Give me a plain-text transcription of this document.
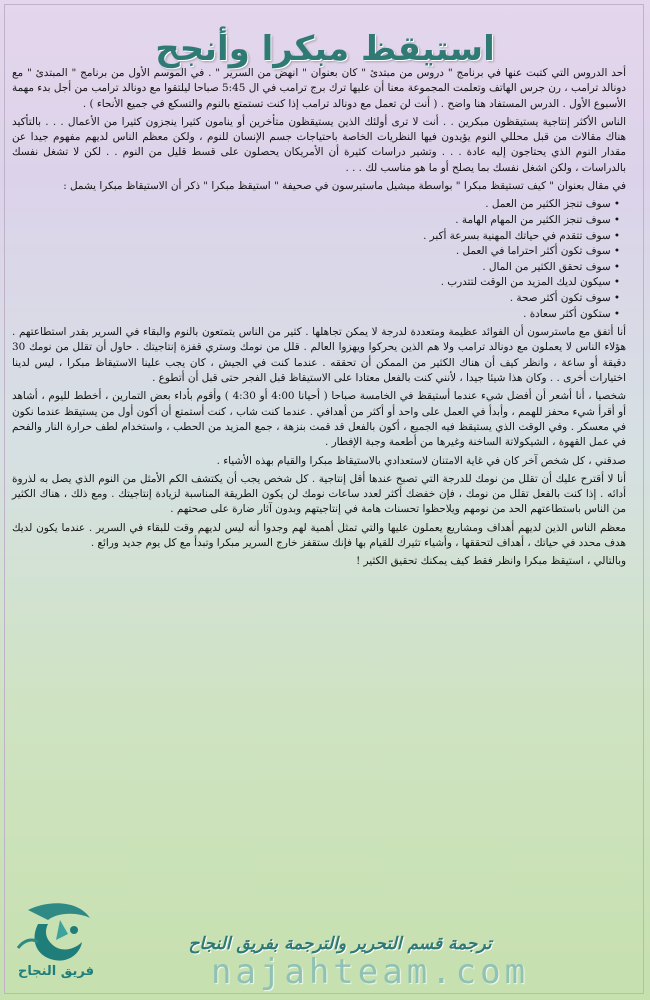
استيقظ مبكرا وأنجح

أحد الدروس التي كتبت عنها في برنامج " دروس من مبتدئ " كان بعنوان " انهض من السرير " . في الموسم الأول من برنامج " المبتدئ " مع دونالد ترامب ، رن جرس الهاتف وتعلمت المجموعة معنا أن عليها ترك برج ترامب في ال 5:45 صباحا ليلتقوا مع دونالد ترامب من أجل بدء مهمة الأسبوع الأول . الدرس المستفاد هنا واضح . ( أنت لن تعمل مع دونالد ترامب إذا كنت تستمتع بالنوم والتسكع في جميع الأنحاء ) .

الناس الأكثر إنتاجية يستيقظون مبكرين . . أنت لا ترى أولئك الذين يستيقظون متأخرين أو ينامون كثيرا ينجزون كثيرا من الأعمال . . . بالتأكيد هناك مقالات من قبل محللي النوم يؤيدون فيها النظريات الخاصة باحتياجات جسم الإنسان للنوم ، ولكن معظم الناس لديهم مفهوم جيدا عن مقدار النوم الذي يحتاجون إليه عادة . . . وتشير دراسات كثيرة أن الأمريكان يحصلون على قسط قليل من النوم . . لكن لا تشغل نفسك بالدراسات ، ولكن اشغل نفسك بما يصلح أو ما هو مناسب لك . . .

في مقال بعنوان " كيف تستيقظ مبكرا " بواسطة ميشيل ماستيرسون في صحيفة " استيقظ مبكرا " ذكر أن الاستيقاظ مبكرا يشمل :

• سوف تنجز الكثير من العمل .
• سوف تنجز الكثير من المهام الهامة .
• سوف تتقدم في حياتك المهنية بسرعة أكبر .
• سوف تكون أكثر احتراما في العمل .
• سوف تحقق الكثير من المال .
• سيكون لديك المزيد من الوقت لتتدرب .
• سوف تكون أكثر صحة .
• ستكون أكثر سعادة .

أنا أتفق مع ماسترسون أن الفوائد عظيمة ومتعددة لدرجة لا يمكن تجاهلها . كثير من الناس يتمتعون بالنوم والبقاء في السرير بقدر استطاعتهم . هؤلاء الناس لا يعملون مع دونالد ترامب ولا هم الذين يحركوا ويهزوا العالم . قلل من نومك وستري قفزة إنتاجيتك . حاول أن تقلل من نومك 30 دقيقة أو ساعة ، وانظر كيف أن هناك الكثير من الممكن أن تحققه . عندما كنت في الجيش ، كان يجب علينا الاستيقاظ مبكرا ، ليس لدينا اختيارات أخرى . . وكان هذا شيئا جيدا ، لأنني كنت بالفعل معتادا على الاستيقاظ قبل الفجر حتى قبل أن أتطوع .

شخصيا ، أنا أشعر أن أفضل شيء عندما أستيقظ في الخامسة صباحا ( أحيانا 4:00 أو 4:30 ) وأقوم بأداء بعض التمارين ، أخطط لليوم ، أشاهد أو أقرأ شيء محفز للهمم ، وأبدأ في العمل على واحد أو أكثر من أهدافي . عندما كنت شاب ، كنت أستمتع أن أكون أول من يستيقظ عندما نكون في معسكر . وفي الوقت الذي يستيقظ فيه الجميع ، أكون بالفعل قد قمت بنزهة ، جمع المزيد من الحطب ، واستخدام لطف حرارة النار والفحم في عمل القهوة ، الشيكولاتة الساخنة وغيرها من أطعمة وجبة الإفطار .

صدقني ، كل شخص آخر كان في غاية الامتنان لاستعدادي بالاستيقاظ مبكرا والقيام بهذه الأشياء .

أنا لا أقترح عليك أن تقلل من نومك للدرجة التي تصبح عندها أقل إنتاجية . كل شخص يجب أن يكتشف الكم الأمثل من النوم الذي يصل به لذروة أدائه . إذا كنت بالفعل تقلل من نومك ، فإن خفضك أكثر لعدد ساعات نومك لن يكون الطريقة المناسبة لزيادة إنتاجيتك . ومع ذلك ، هناك الكثير من الناس باستطاعتهم الحد من نومهم ويلاحظوا تحسنات هامة في إنتاجيتهم وبدون آثار ضارة على صحتهم .

معظم الناس الذين لديهم أهداف ومشاريع يعملون عليها والتي تمثل أهمية لهم وجدوا أنه ليس لديهم وقت للبقاء في السرير . عندما يكون لديك هدف محدد في حياتك ، أهداف لتحققها ، وأشياء تثيرك للقيام بها فإنك ستقفز خارج السرير مبكرا وتبدأ مع كل يوم جديد ورائع .

وبالتالي ، استيقظ مبكرا وانظر فقط كيف يمكنك تحقيق الكثير !

فريق النجاح
ترجمة قسم التحرير والترجمة بفريق النجاح
najahteam.com
